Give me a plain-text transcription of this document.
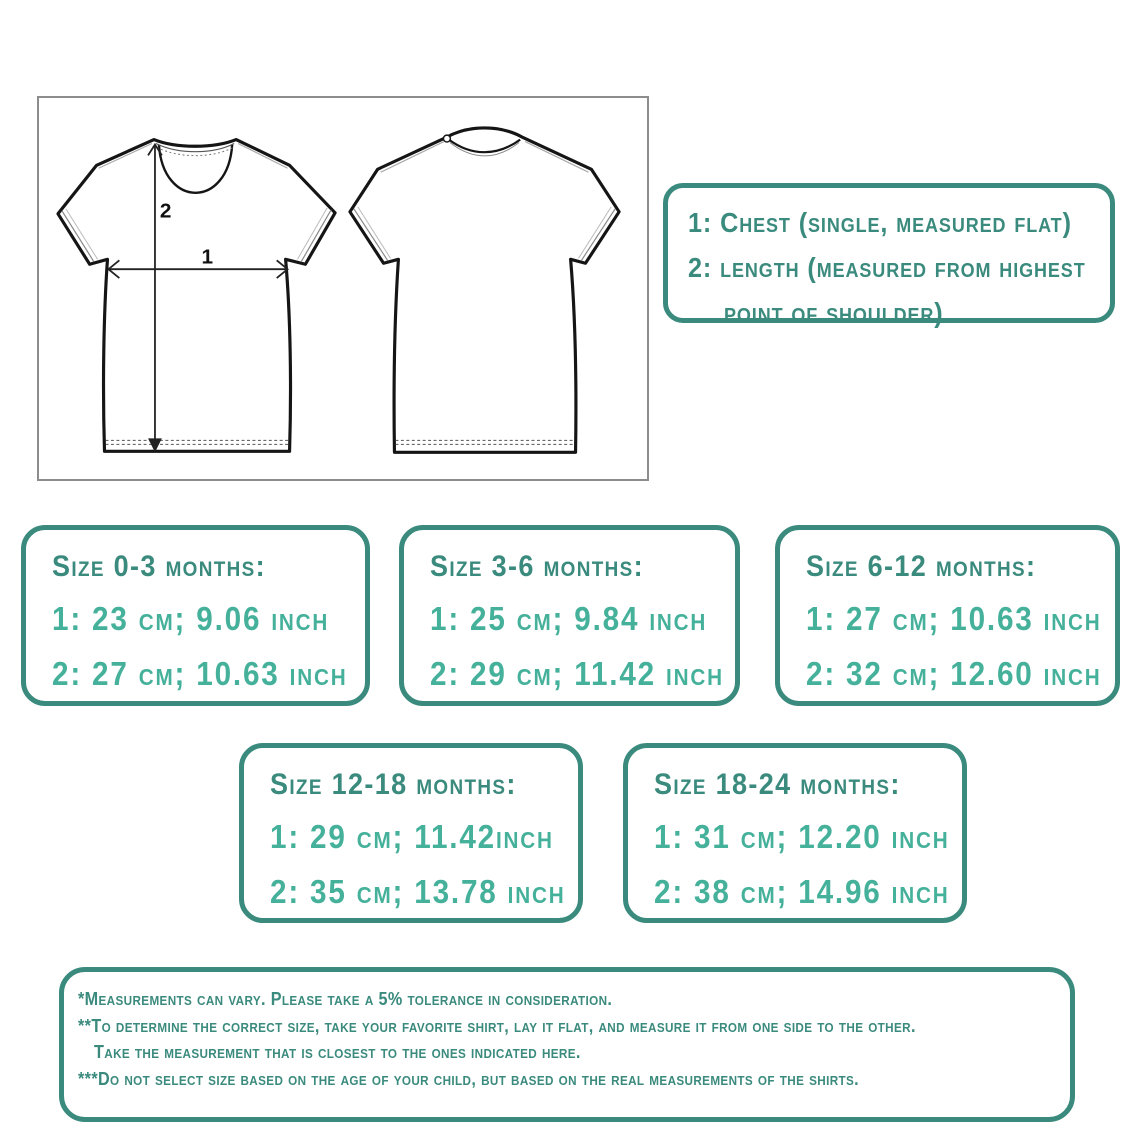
1
2	1: Chest (single, measured flat)
2: length (measured from highest
point of shoulder)
Size 0-3 months:
1: 23 cm; 9.06 inch
2: 27 cm; 10.63 inch
Size 3-6 months:
1: 25 cm; 9.84 inch
2: 29 cm; 11.42 inch
Size 6-12 months:
1: 27 cm; 10.63 inch
2: 32 cm; 12.60 inch
Size 12-18 months:
1: 29 cm; 11.42inch
2: 35 cm; 13.78 inch
Size 18-24 months:
1: 31 cm; 12.20 inch
2: 38 cm; 14.96 inch
*Measurements can vary. Please take a 5% tolerance in consideration.
**To determine the correct size, take your favorite shirt, lay it flat, and measure it from one side to the other.
Take the measurement that is closest to the ones indicated here.
***Do not select size based on the age of your child, but based on the real measurements of the shirts.
